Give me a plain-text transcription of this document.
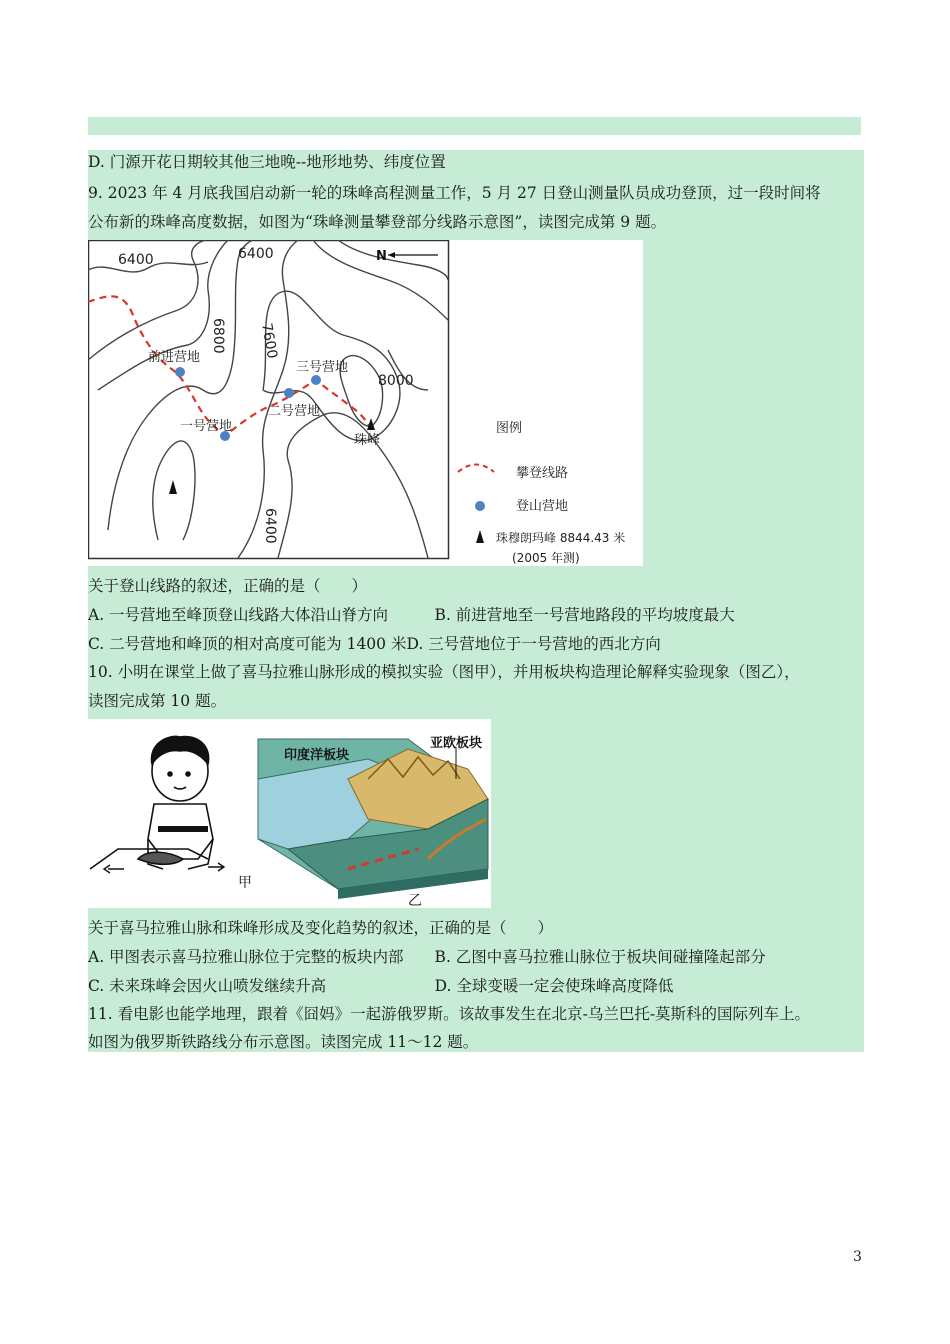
D. 门源开花日期较其他三地晚--地形地势、纬度位置
9. 2023 年 4 月底我国启动新一轮的珠峰高程测量工作，5 月 27 日登山测量队员成功登顶，过一段时间将
公布新的珠峰高度数据，如图为“珠峰测量攀登部分线路示意图”，读图完成第 9 题。
6400	6400
6800 7600
8000
6400
N
前进营地
一号营地
二号营地
三号营地
珠峰
图例
攀登线路
登山营地
珠穆朗玛峰 8844.43 米
(2005 年测)
关于登山线路的叙述，正确的是（　　）
A. 一号营地至峰顶登山线路大体沿山脊方向　　　B. 前进营地至一号营地路段的平均坡度最大
C. 二号营地和峰顶的相对高度可能为 1400 米D. 三号营地位于一号营地的西北方向
10. 小明在课堂上做了喜马拉雅山脉形成的模拟实验（图甲），并用板块构造理论解释实验现象（图乙），
读图完成第 10 题。
甲
印度洋板块
亚欧板块
乙
关于喜马拉雅山脉和珠峰形成及变化趋势的叙述，正确的是（　　）
A. 甲图表示喜马拉雅山脉位于完整的板块内部　　B. 乙图中喜马拉雅山脉位于板块间碰撞隆起部分
C. 未来珠峰会因火山喷发继续升高　　　　　　　D. 全球变暖一定会使珠峰高度降低
11. 看电影也能学地理，跟着《囧妈》一起游俄罗斯。该故事发生在北京-乌兰巴托-莫斯科的国际列车上。
如图为俄罗斯铁路线分布示意图。读图完成 11～12 题。
3
